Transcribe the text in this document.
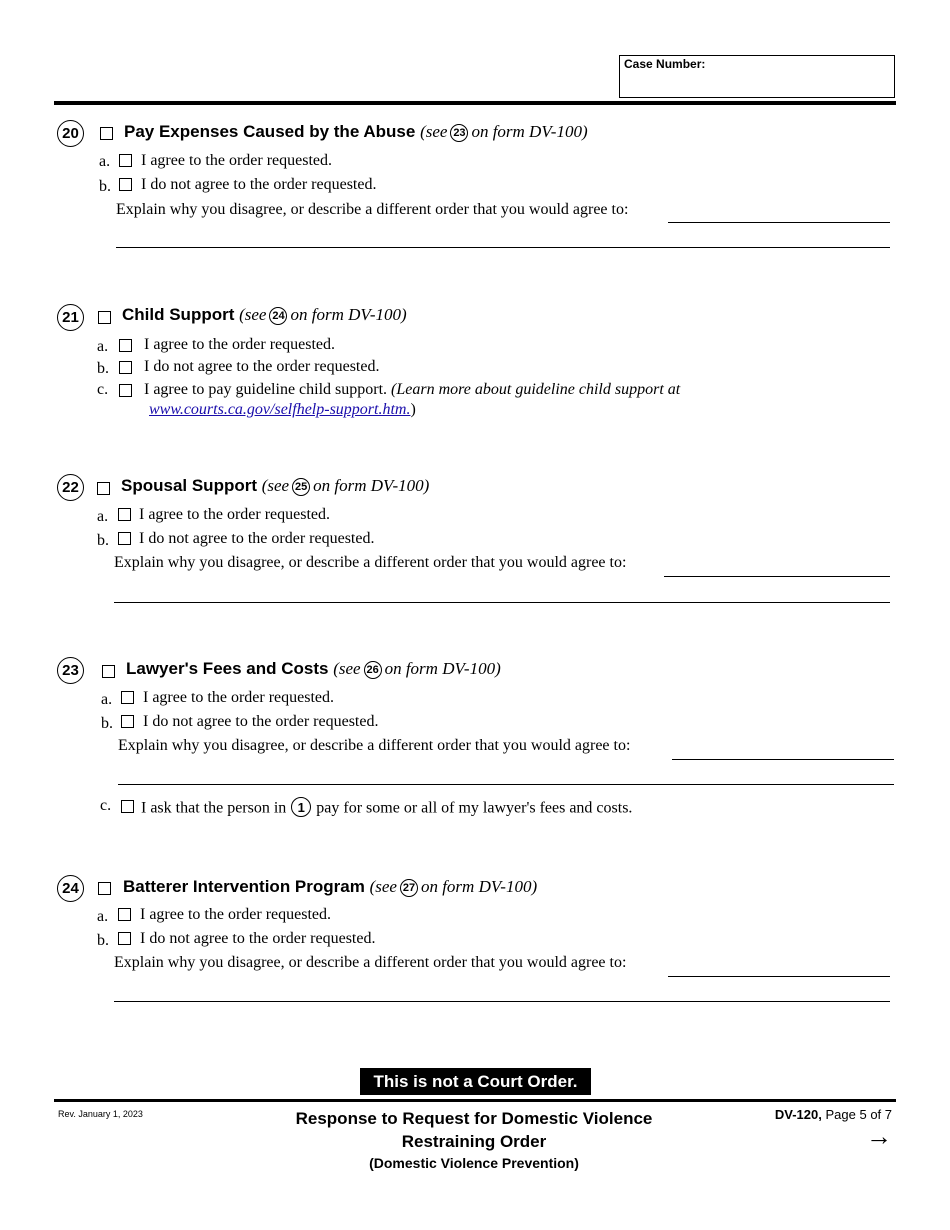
Case Number:
20	Pay Expenses Caused by the Abuse (see 23 on form DV-100)
a. I agree to the order requested.
b. I do not agree to the order requested.
Explain why you disagree, or describe a different order that you would agree to:
21	Child Support (see 24 on form DV-100)
a. I agree to the order requested.
b. I do not agree to the order requested.
c. I agree to pay guideline child support. (Learn more about guideline child support at
www.courts.ca.gov/selfhelp-support.htm.)
22	Spousal Support (see 25 on form DV-100)
a. I agree to the order requested.
b. I do not agree to the order requested.
Explain why you disagree, or describe a different order that you would agree to:
23	Lawyer's Fees and Costs (see 26 on form DV-100)
a. I agree to the order requested.
b. I do not agree to the order requested.
Explain why you disagree, or describe a different order that you would agree to:
c. I ask that the person in 1 pay for some or all of my lawyer's fees and costs.
24	Batterer Intervention Program (see 27 on form DV-100)
a. I agree to the order requested.
b. I do not agree to the order requested.
Explain why you disagree, or describe a different order that you would agree to:
This is not a Court Order.
Rev. January 1, 2023	Response to Request for Domestic Violence
Restraining Order
(Domestic Violence Prevention)
DV-120, Page 5 of 7
→
